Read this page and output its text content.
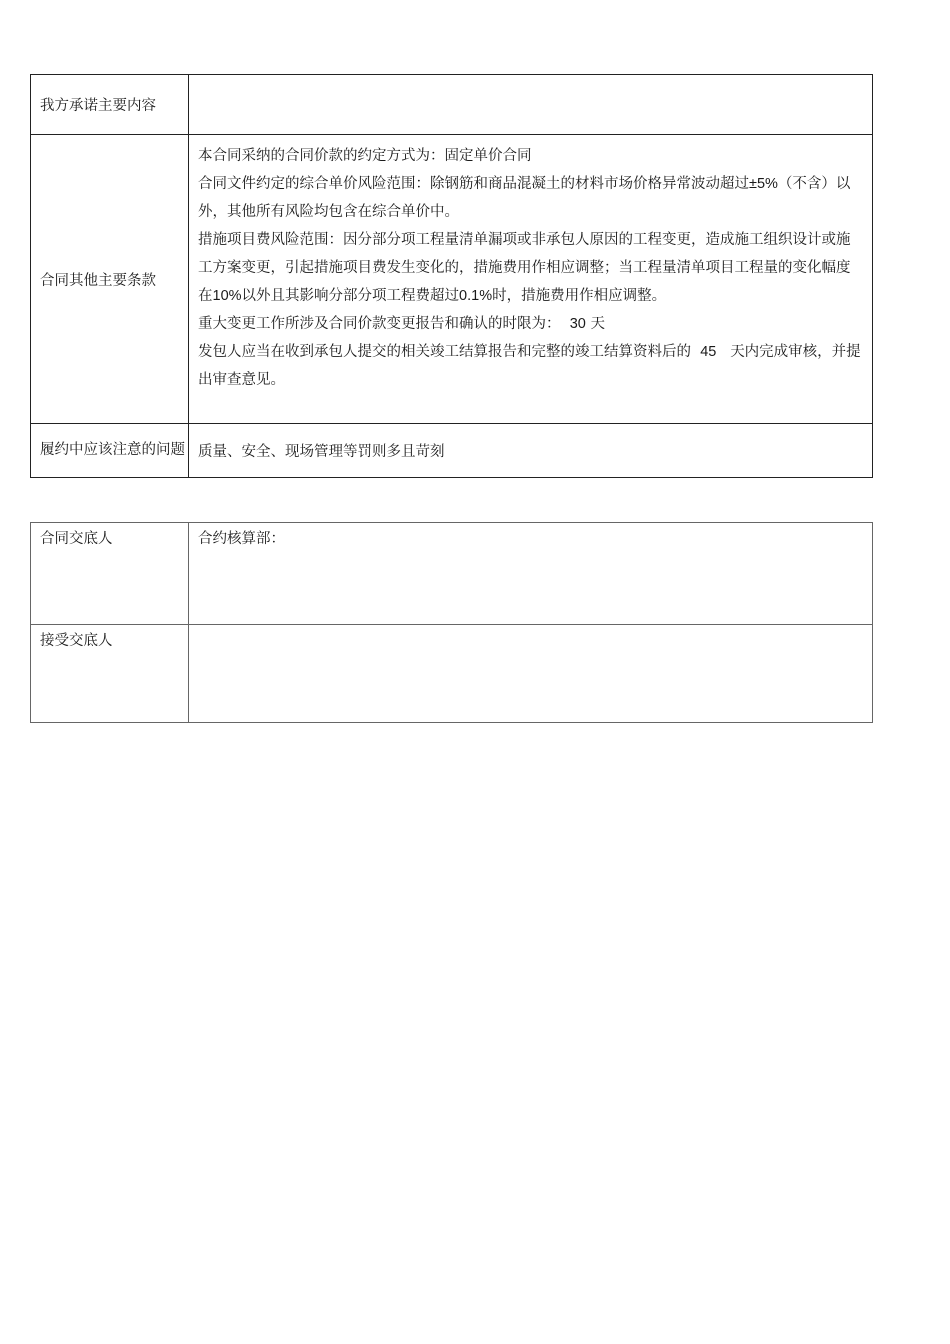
我方承诺主要内容	
合同其他主要条款	本合同采纳的合同价款的约定方式为：固定单价合同

合同文件约定的综合单价风险范围：除钢筋和商品混凝土的材料市场价格异常波动超过±5%（不含）以外，其他所有风险均包含在综合单价中。

措施项目费风险范围：因分部分项工程量清单漏项或非承包人原因的工程变更，造成施工组织设计或施工方案变更，引起措施项目费发生变化的，措施费用作相应调整；当工程量清单项目工程量的变化幅度在10%以外且其影响分部分项工程费超过0.1%时，措施费用作相应调整。

重大变更工作所涉及合同价款变更报告和确认的时限为： 30 天

发包人应当在收到承包人提交的相关竣工结算报告和完整的竣工结算资料后的 45 天内完成审核，并提出审查意见。

履约中应该注意的问题	质量、安全、现场管理等罚则多且苛刻
合同交底人	合约核算部：
接受交底人	
